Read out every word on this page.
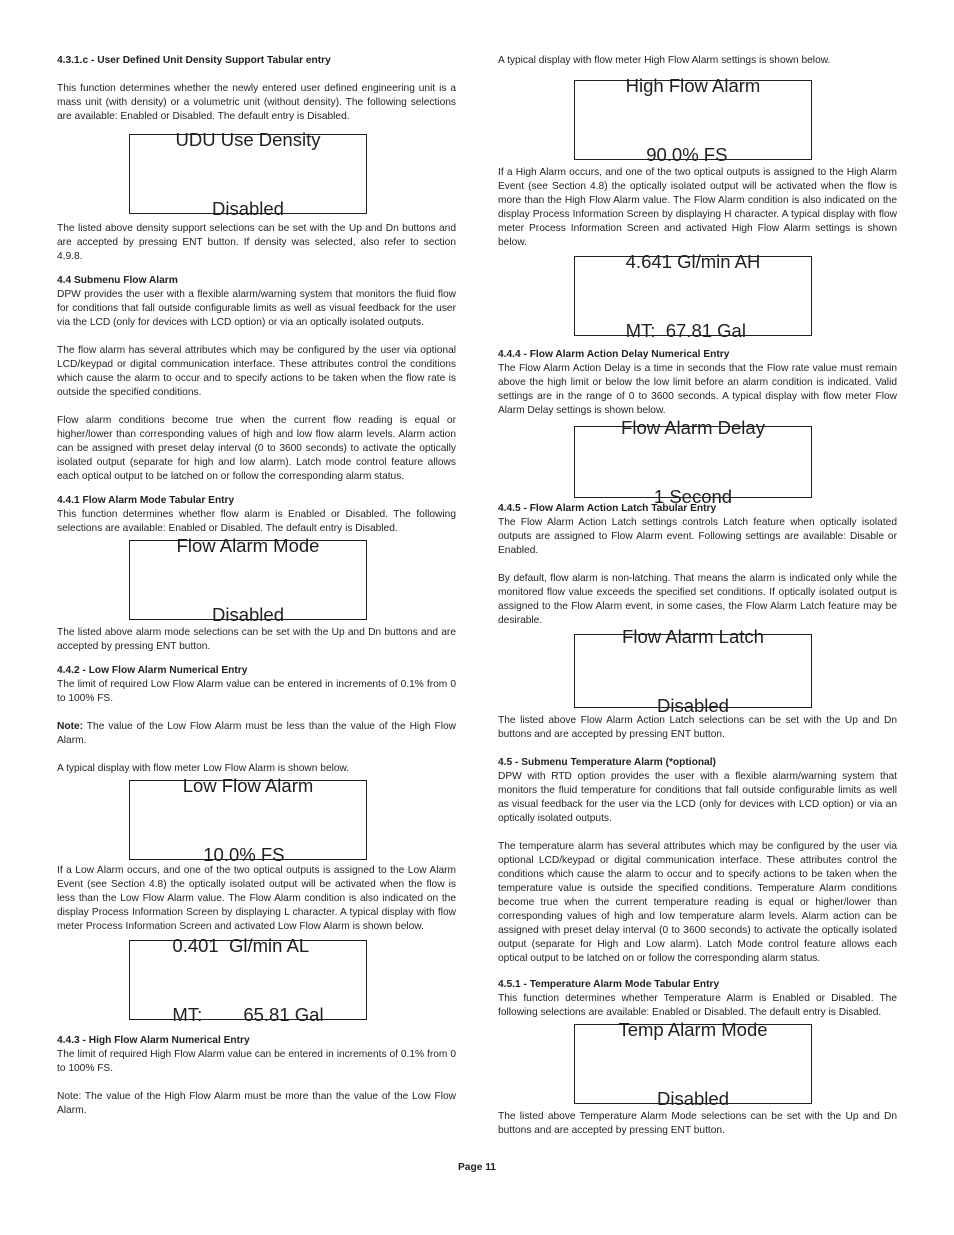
4.3.1.c - User Defined Unit Density Support Tabular entry

This function determines whether the newly entered user defined engineering unit is a mass unit (with density) or a volumetric unit (without density). The following selections are available: Enabled or Disabled. The default entry is Disabled.

UDU Use Density

Disabled

The listed above density support selections can be set with the Up and Dn buttons and are accepted by pressing ENT button. If density was selected, also refer to section 4.9.8.

4.4 Submenu Flow Alarm

DPW provides the user with a flexible alarm/warning system that monitors the fluid flow for conditions that fall outside configurable limits as well as visual feedback for the user via the LCD (only for devices with LCD option) or via an optically isolated outputs.

The flow alarm has several attributes which may be configured by the user via optional LCD/keypad or digital communication interface. These attributes control the conditions which cause the alarm to occur and to specify actions to be taken when the flow rate is outside the specified conditions.

Flow alarm conditions become true when the current flow reading is equal or higher/lower than corresponding values of high and low flow alarm levels. Alarm action can be assigned with preset delay interval (0 to 3600 seconds) to activate the optically isolated output (separate for high and low alarm). Latch mode control feature allows each optical output to be latched on or follow the corresponding alarm status.

4.4.1 Flow Alarm Mode Tabular Entry

This function determines whether flow alarm is Enabled or Disabled. The following selections are available: Enabled or Disabled. The default entry is Disabled.

Flow Alarm Mode

Disabled

The listed above alarm mode selections can be set with the Up and Dn buttons and are accepted by pressing ENT button.

4.4.2 - Low Flow Alarm Numerical Entry

The limit of required Low Flow Alarm value can be entered in increments of 0.1% from 0 to 100% FS.

Note: The value of the Low Flow Alarm must be less than the value of the High Flow Alarm.

A typical display with flow meter Low Flow Alarm is shown below.

Low Flow Alarm

10.0% FS

If a Low Alarm occurs, and one of the two optical outputs is assigned to the Low Alarm Event (see Section 4.8) the optically isolated output will be activated when the flow is less than the Low Flow Alarm value. The Flow Alarm condition is also indicated on the display Process Information Screen by displaying L character. A typical display with flow meter Process Information Screen and activated Low Flow Alarm is shown below.

0.401  Gl/min AL

MT:        65.81 Gal

4.4.3 - High Flow Alarm Numerical Entry

The limit of required High Flow Alarm value can be entered in increments of 0.1% from 0 to 100% FS.

Note: The value of the High Flow Alarm must be more than the value of the Low Flow Alarm.

A typical display with flow meter High Flow Alarm settings is shown below.

High Flow Alarm

90.0% FS

If a High Alarm occurs, and one of the two optical outputs is assigned to the High Alarm Event (see Section 4.8) the optically isolated output will be activated when the flow is more than the High Flow Alarm value. The Flow Alarm condition is also indicated on the display Process Information Screen by displaying H character. A typical display with flow meter Process Information Screen and activated High Flow Alarm settings is shown below.

4.641 Gl/min AH

MT:  67.81 Gal

4.4.4 - Flow Alarm Action Delay Numerical Entry

The Flow Alarm Action Delay is a time in seconds that the Flow rate value must remain above the high limit or below the low limit before an alarm condition is indicated. Valid settings are in the range of 0 to 3600 seconds. A typical display with flow meter Flow Alarm Delay settings is shown below.

Flow Alarm Delay

1 Second

4.4.5 - Flow Alarm Action Latch Tabular Entry

The Flow Alarm Action Latch settings controls Latch feature when optically isolated outputs are assigned to Flow Alarm event. Following settings are available: Disable or Enabled.

By default, flow alarm is non-latching. That means the alarm is indicated only while the monitored flow value exceeds the specified set conditions. If optically isolated output is assigned to the Flow Alarm event, in some cases, the Flow Alarm Latch feature may be desirable.

Flow Alarm Latch

Disabled

The listed above Flow Alarm Action Latch selections can be set with the Up and Dn buttons and are accepted by pressing ENT button.

4.5 - Submenu Temperature Alarm (*optional)

DPW with RTD option provides the user with a flexible alarm/warning system that monitors the fluid temperature for conditions that fall outside configurable limits as well as visual feedback for the user via the LCD (only for devices with LCD option) or via an optically isolated outputs.

The temperature alarm has several attributes which may be configured by the user via optional LCD/keypad or digital communication interface. These attributes control the conditions which cause the alarm to occur and to specify actions to be taken when the temperature value is outside the specified conditions. Temperature Alarm conditions become true when the current temperature reading is equal or higher/lower than corresponding values of high and low temperature alarm levels. Alarm action can be assigned with preset delay interval (0 to 3600 seconds) to activate the optically isolated output (separate for High and Low alarm). Latch Mode control feature allows each optical output to be latched on or follow the corresponding alarm status.

4.5.1 - Temperature Alarm Mode Tabular Entry

This function determines whether Temperature Alarm is Enabled or Disabled. The following selections are available: Enabled or Disabled. The default entry is Disabled.

Temp Alarm Mode

Disabled

The listed above Temperature Alarm Mode selections can be set with the Up and Dn buttons and are accepted by pressing ENT button.

Page 11
